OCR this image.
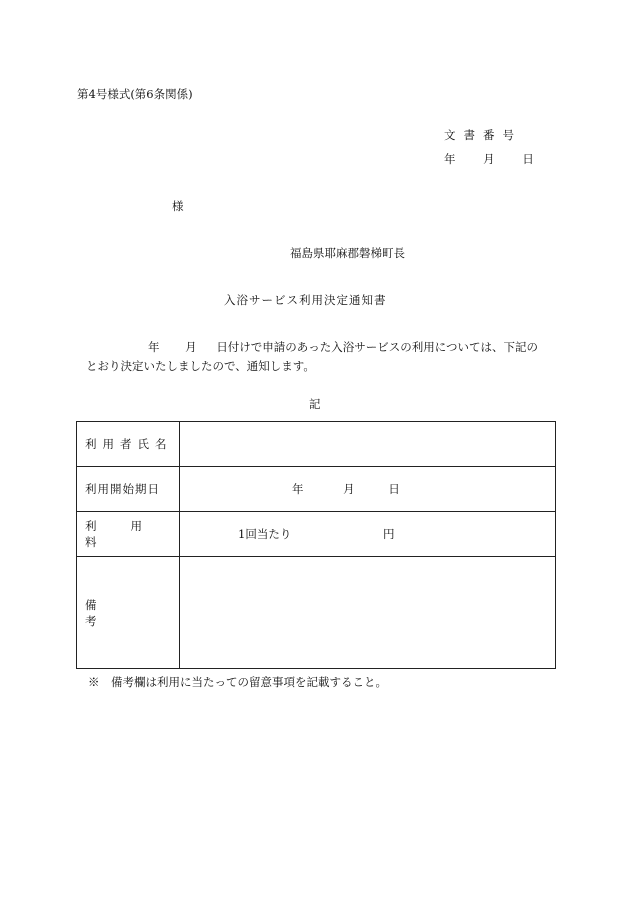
第4号様式(第6条関係)
文書番号
年 月 日
様
福島県耶麻郡磐梯町長
入浴サービス利用決定通知書
年 月 日付けで申請のあった入浴サービスの利用については、下記の
とおり決定いたしましたので、通知します。
記
利用者氏名	
利用開始期日	年 月 日
利用料	1回当たり 円
備考	
※　備考欄は利用に当たっての留意事項を記載すること。
